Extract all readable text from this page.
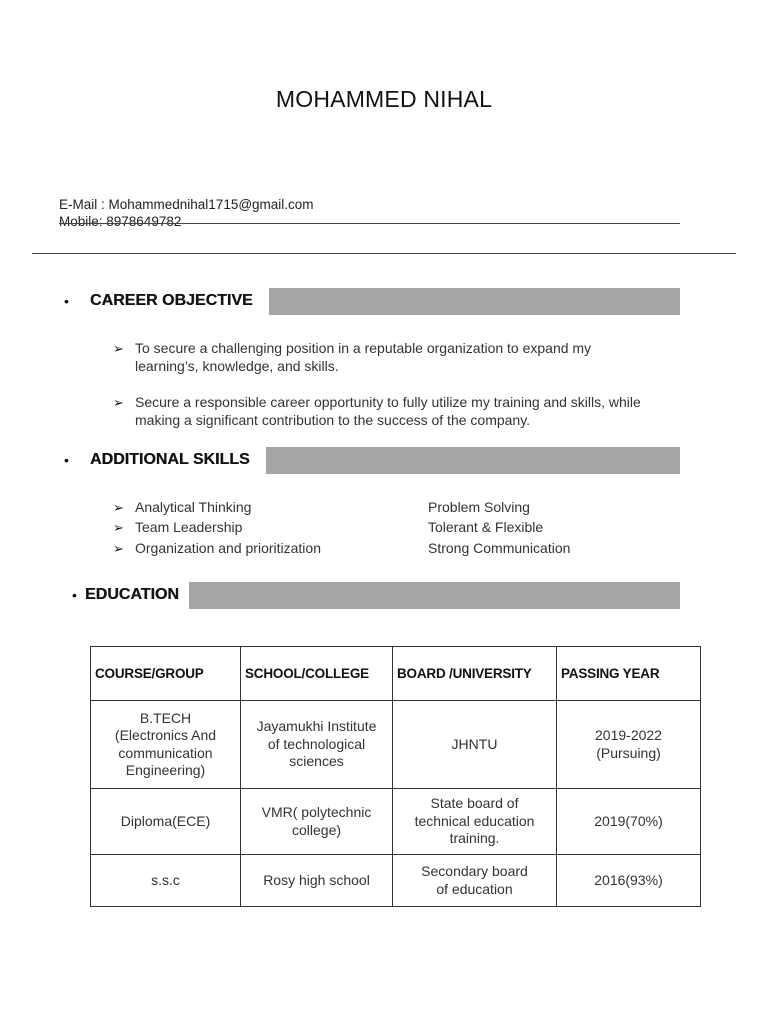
MOHAMMED NIHAL
E-Mail : Mohammednihal1715@gmail.com
Mobile: 8978649782
• CAREER OBJECTIVE
➢ To secure a challenging position in a reputable organization to expand my learning’s, knowledge, and skills.
➢ Secure a responsible career opportunity to fully utilize my training and skills, while making a significant contribution to the success of the company.
• ADDITIONAL SKILLS
➢ Analytical Thinking
➢ Team Leadership
➢ Organization and prioritization
Problem Solving
Tolerant & Flexible
Strong Communication
• EDUCATION
COURSE/GROUP	SCHOOL/COLLEGE	BOARD /UNIVERSITY	PASSING YEAR
B.TECH (Electronics And communication Engineering)	Jayamukhi Institute of technological sciences	JHNTU	2019-2022 (Pursuing)
Diploma(ECE)	VMR( polytechnic college)	State board of technical education training.	2019(70%)
s.s.c	Rosy high school	Secondary board of education	2016(93%)
